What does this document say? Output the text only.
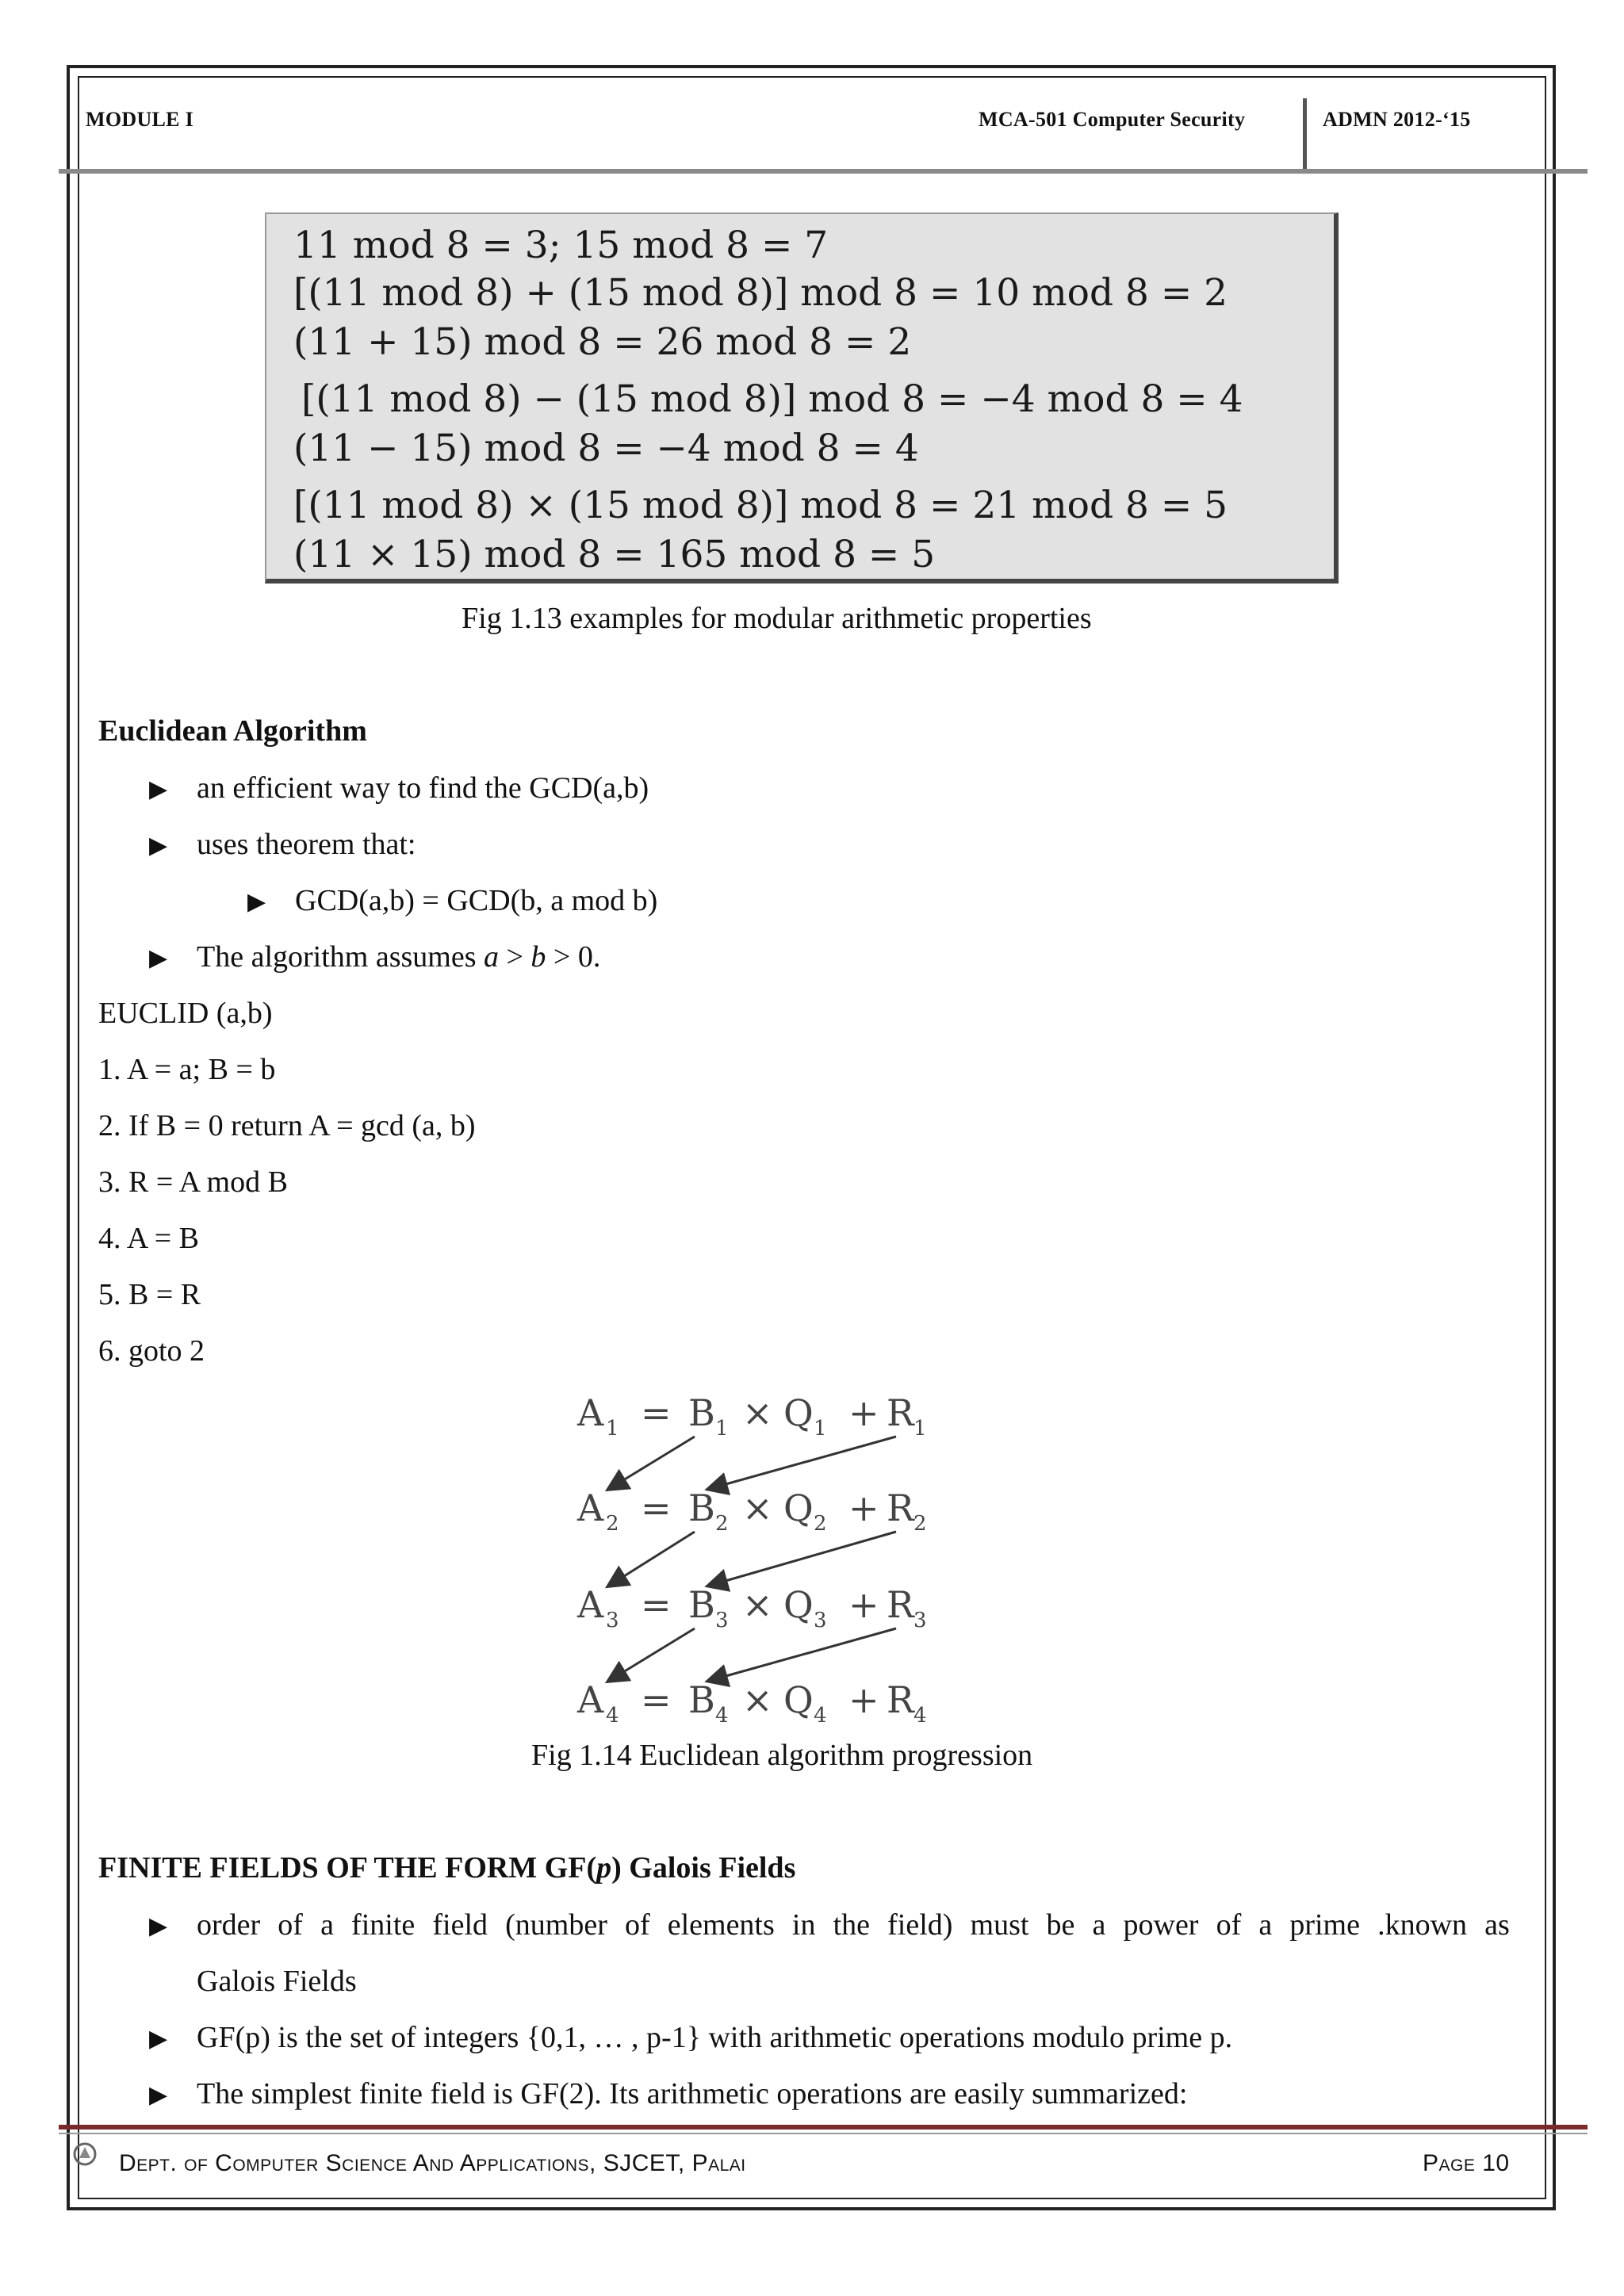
MODULE I	MCA-501 Computer Security	ADMN 2012-‘15
11 mod 8 = 3; 15 mod 8 = 7
[(11 mod 8) + (15 mod 8)] mod 8 = 10 mod 8 = 2
(11 + 15) mod 8 = 26 mod 8 = 2
[(11 mod 8) − (15 mod 8)] mod 8 = −4 mod 8 = 4
(11 − 15) mod 8 = −4 mod 8 = 4
[(11 mod 8) × (15 mod 8)] mod 8 = 21 mod 8 = 5
(11 × 15) mod 8 = 165 mod 8 = 5
Fig 1.13 examples for modular arithmetic properties
Euclidean Algorithm
▶ an efficient way to find the GCD(a,b)
▶ uses theorem that:
▶ GCD(a,b) = GCD(b, a mod b)
▶ The algorithm assumes a > b > 0.
EUCLID (a,b)
1. A = a; B = b
2. If B = 0 return A = gcd (a, b)
3. R = A mod B
4. A = B
5. B = R
6. goto 2
A 1 = B 1 × Q 1 + R 1
A 2 = B 2 × Q 2 + R 2
A 3 = B 3 × Q 3 + R 3
A 4 = B 4 × Q 4 + R 4
Fig 1.14 Euclidean algorithm progression
FINITE FIELDS OF THE FORM GF(p) Galois Fields
▶ order of a finite field (number of elements in the field) must be a power of a prime .known as
Galois Fields
▶ GF(p) is the set of integers {0,1, … , p-1} with arithmetic operations modulo prime p.
▶ The simplest finite field is GF(2). Its arithmetic operations are easily summarized:
Dept. of Computer Science And Applications, SJCET, Palai	Page 10
